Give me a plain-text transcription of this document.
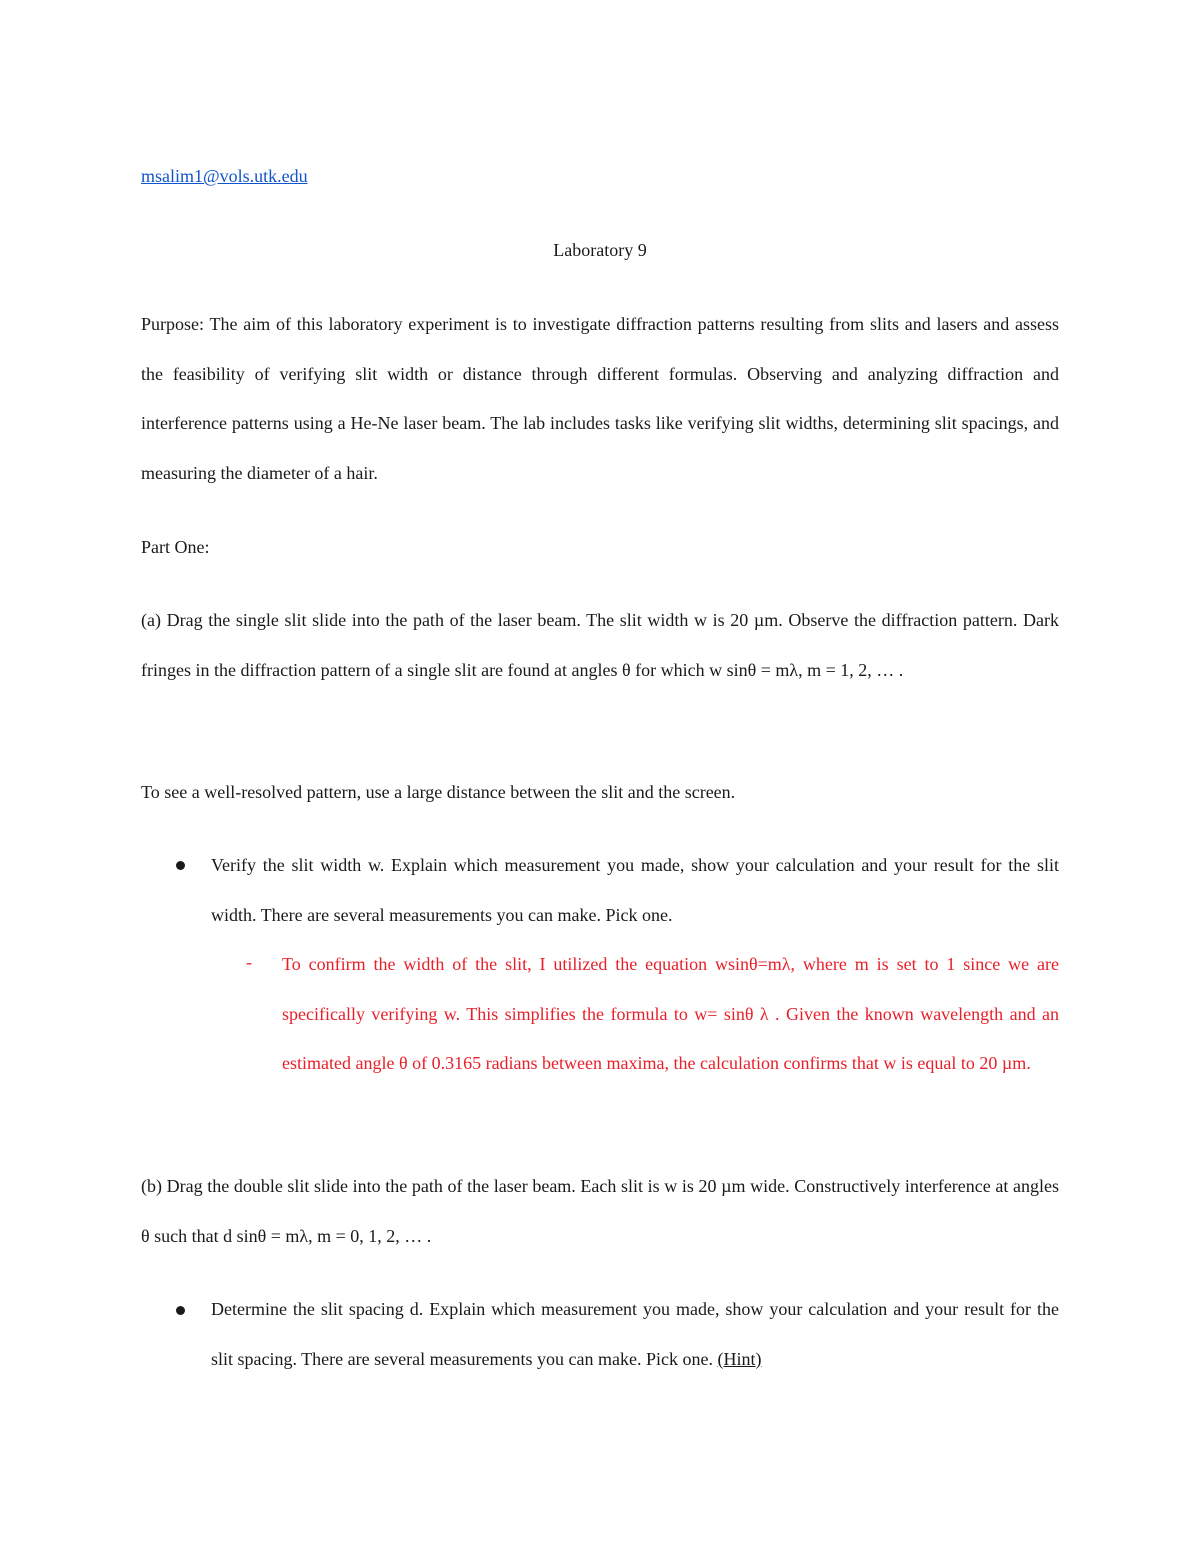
msalim1@vols.utk.edu
Laboratory 9
Purpose: The aim of this laboratory experiment is to investigate diffraction patterns resulting from slits and lasers and assess the feasibility of verifying slit width or distance through different formulas. Observing and analyzing diffraction and interference patterns using a He-Ne laser beam. The lab includes tasks like verifying slit widths, determining slit spacings, and measuring the diameter of a hair.
Part One:
(a) Drag the single slit slide into the path of the laser beam. The slit width w is 20 µm. Observe the diffraction pattern. Dark fringes in the diffraction pattern of a single slit are found at angles θ for which w sinθ = mλ, m = 1, 2, … .
To see a well-resolved pattern, use a large distance between the slit and the screen.
Verify the slit width w. Explain which measurement you made, show your calculation and your result for the slit width. There are several measurements you can make. Pick one.
- To confirm the width of the slit, I utilized the equation wsinθ=mλ, where m is set to 1 since we are specifically verifying w. This simplifies the formula to w= sinθ λ . Given the known wavelength and an estimated angle θ of 0.3165 radians between maxima, the calculation confirms that w is equal to 20 µm.
(b) Drag the double slit slide into the path of the laser beam. Each slit is w is 20 µm wide. Constructively interference at angles θ such that d sinθ = mλ, m = 0, 1, 2, … .
Determine the slit spacing d. Explain which measurement you made, show your calculation and your result for the slit spacing. There are several measurements you can make. Pick one. (Hint)
